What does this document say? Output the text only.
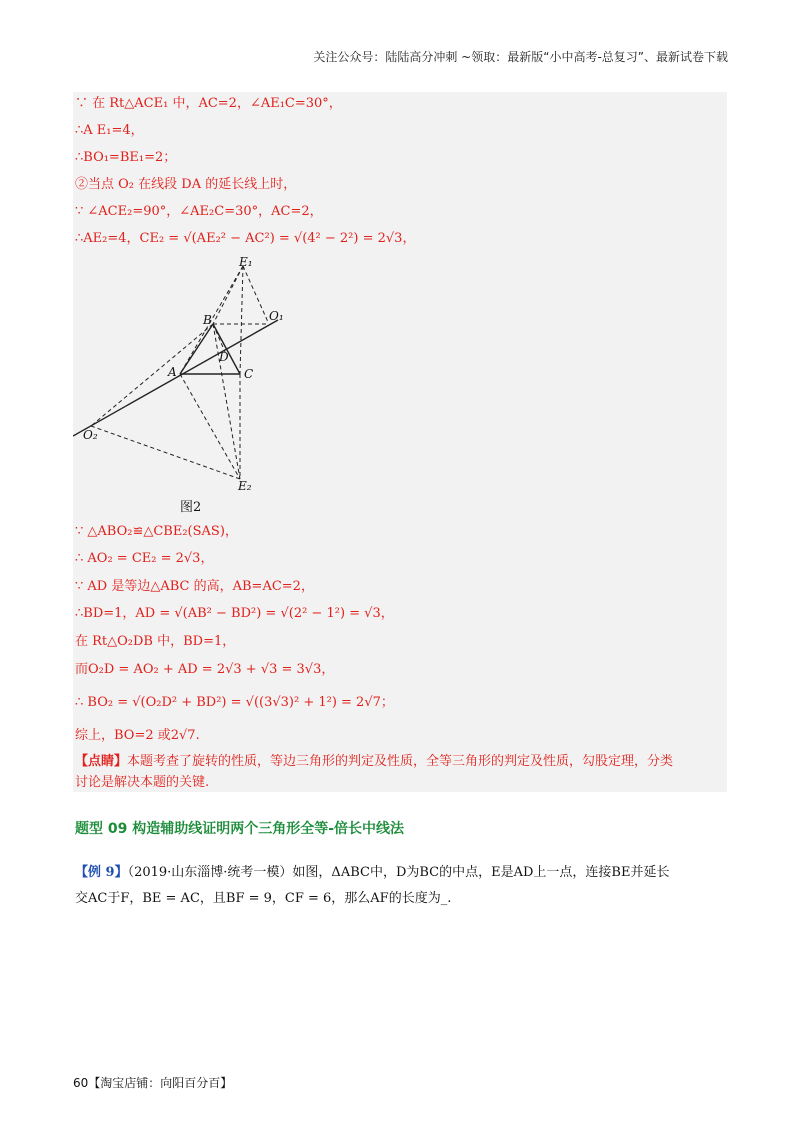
关注公众号：陆陆高分冲刺 ~领取：最新版“小中高考-总复习”、最新试卷下载
∵ 在 Rt△ACE₁ 中，AC=2，∠AE₁C=30°，
∴A E₁=4，
∴BO₁=BE₁=2；
②当点 O₂ 在线段 DA 的延长线上时，
∵ ∠ACE₂=90°，∠AE₂C=30°，AC=2，
∴AE₂=4，CE₂ = √(AE₂² − AC²) = √(4² − 2²) = 2√3，
E₁
B	O₁
D
A	C
O₂
E₂
图2
∵ △ABO₂≌△CBE₂(SAS)，
∴ AO₂ = CE₂ = 2√3，
∵ AD 是等边△ABC 的高，AB=AC=2，
∴BD=1，AD = √(AB² − BD²) = √(2² − 1²) = √3，
在 Rt△O₂DB 中，BD=1，
而O₂D = AO₂ + AD = 2√3 + √3 = 3√3，
∴ BO₂ = √(O₂D² + BD²) = √((3√3)² + 1²) = 2√7；
综上，BO=2 或2√7.
【点睛】本题考查了旋转的性质，等边三角形的判定及性质，全等三角形的判定及性质，勾股定理，分类
讨论是解决本题的关键.
题型 09 构造辅助线证明两个三角形全等-倍长中线法
【例 9】（2019·山东淄博·统考一模）如图，ΔABC中，D为BC的中点，E是AD上一点，连接BE并延长
交AC于F，BE = AC，且BF = 9，CF = 6，那么AF的长度为_.
60【淘宝店铺：向阳百分百】
